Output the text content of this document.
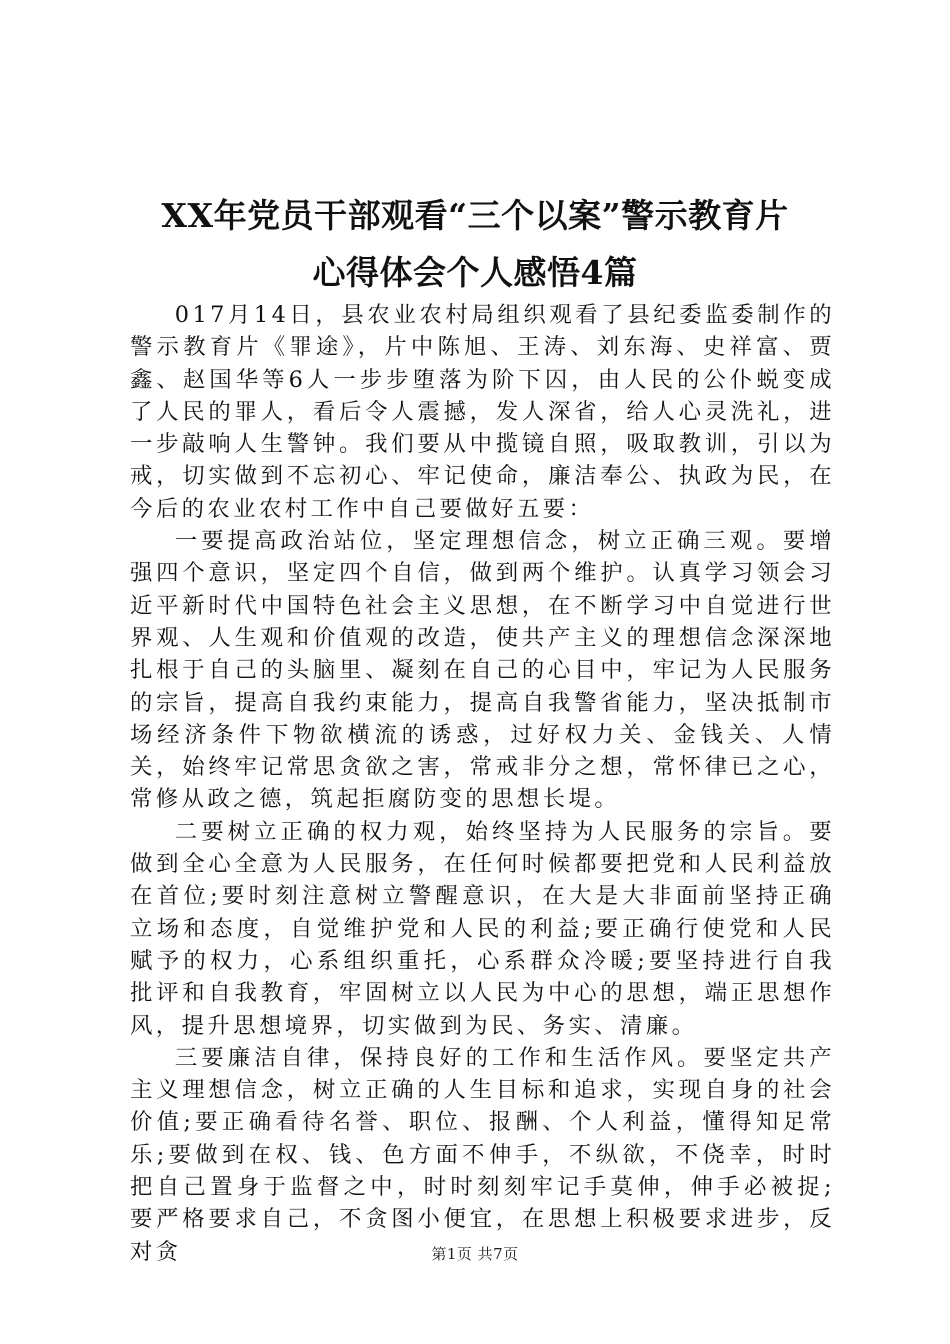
XX年党员干部观看“三个以案”警示教育片
心得体会个人感悟4篇

017月14日，县农业农村局组织观看了县纪委监委制作的警示教育片《罪途》，片中陈旭、王涛、刘东海、史祥富、贾鑫、赵国华等6人一步步堕落为阶下囚，由人民的公仆蜕变成了人民的罪人，看后令人震撼，发人深省，给人心灵洗礼，进一步敲响人生警钟。我们要从中揽镜自照，吸取教训，引以为戒，切实做到不忘初心、牢记使命，廉洁奉公、执政为民，在今后的农业农村工作中自己要做好五要：

一要提高政治站位，坚定理想信念，树立正确三观。要增强四个意识，坚定四个自信，做到两个维护。认真学习领会习近平新时代中国特色社会主义思想，在不断学习中自觉进行世界观、人生观和价值观的改造，使共产主义的理想信念深深地扎根于自己的头脑里、凝刻在自己的心目中，牢记为人民服务的宗旨，提高自我约束能力，提高自我警省能力，坚决抵制市场经济条件下物欲横流的诱惑，过好权力关、金钱关、人情关，始终牢记常思贪欲之害，常戒非分之想，常怀律已之心，常修从政之德，筑起拒腐防变的思想长堤。

二要树立正确的权力观，始终坚持为人民服务的宗旨。要做到全心全意为人民服务，在任何时候都要把党和人民利益放在首位;要时刻注意树立警醒意识，在大是大非面前坚持正确立场和态度，自觉维护党和人民的利益;要正确行使党和人民赋予的权力，心系组织重托，心系群众冷暖;要坚持进行自我批评和自我教育，牢固树立以人民为中心的思想，端正思想作风，提升思想境界，切实做到为民、务实、清廉。

三要廉洁自律，保持良好的工作和生活作风。要坚定共产主义理想信念，树立正确的人生目标和追求，实现自身的社会价值;要正确看待名誉、职位、报酬、个人利益，懂得知足常乐;要做到在权、钱、色方面不伸手，不纵欲，不侥幸，时时把自己置身于监督之中，时时刻刻牢记手莫伸，伸手必被捉;要严格要求自己，不贪图小便宜，在思想上积极要求进步，反对贪	第1页 共7页
